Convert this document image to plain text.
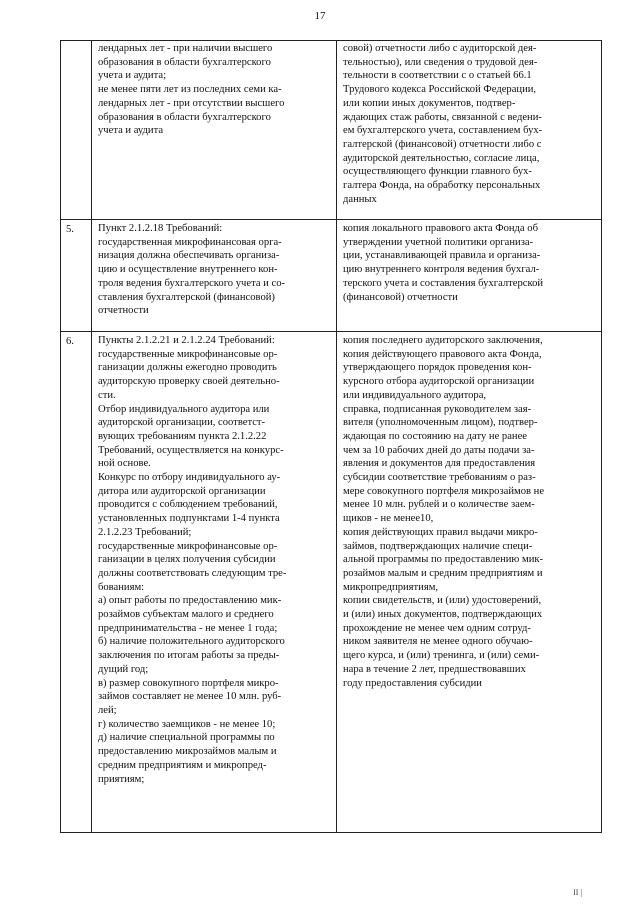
17
лендарных лет - при наличии высшего
образования в области бухгалтерского
учета и аудита;
не менее пяти лет из последних семи ка-
лендарных лет - при отсутствии высшего
образования в области бухгалтерского
учета и аудита
совой) отчетности либо с аудиторской дея-
тельностью), или сведения о трудовой дея-
тельности в соответствии с о статьей 66.1
Трудового кодекса Российской Федерации,
или копии иных документов, подтвер-
ждающих стаж работы, связанной с ведени-
ем бухгалтерского учета, составлением бух-
галтерской (финансовой) отчетности либо с
аудиторской деятельностью, согласие лица,
осуществляющего функции главного бух-
галтера Фонда, на обработку персональных
данных
5. Пункт 2.1.2.18 Требований:
государственная микрофинансовая орга-
низация должна обеспечивать организа-
цию и осуществление внутреннего кон-
троля ведения бухгалтерского учета и со-
ставления бухгалтерской (финансовой)
отчетности
копия локального правового акта Фонда об
утверждении учетной политики организа-
ции, устанавливающей правила и организа-
цию внутреннего контроля ведения бухгал-
терского учета и составления бухгалтерской
(финансовой) отчетности
6. Пункты 2.1.2.21 и 2.1.2.24 Требований:
государственные микрофинансовые ор-
ганизации должны ежегодно проводить
аудиторскую проверку своей деятельно-
сти.
Отбор индивидуального аудитора или
аудиторской организации, соответст-
вующих требованиям пункта 2.1.2.22
Требований, осуществляется на конкурс-
ной основе.
Конкурс по отбору индивидуального ау-
дитора или аудиторской организации
проводится с соблюдением требований,
установленных подпунктами 1-4 пункта
2.1.2.23 Требований;
государственные микрофинансовые ор-
ганизации в целях получения субсидии
должны соответствовать следующим тре-
бованиям:
а) опыт работы по предоставлению мик-
розаймов субъектам малого и среднего
предпринимательства - не менее 1 года;
б) наличие положительного аудиторского
заключения по итогам работы за преды-
дущий год;
в) размер совокупного портфеля микро-
займов составляет не менее 10 млн. руб-
лей;
г) количество заемщиков - не менее 10;
д) наличие специальной программы по
предоставлению микрозаймов малым и
средним предприятиям и микропред-
приятиям;
копия последнего аудиторского заключения,
копия действующего правового акта Фонда,
утверждающего порядок проведения кон-
курсного отбора аудиторской организации
или индивидуального аудитора,
справка, подписанная руководителем зая-
вителя (уполномоченным лицом), подтвер-
ждающая по состоянию на дату не ранее
чем за 10 рабочих дней до даты подачи за-
явления и документов для предоставления
субсидии соответствие требованиям о раз-
мере совокупного портфеля микрозаймов не
менее 10 млн. рублей и о количестве заем-
щиков - не менее10,
копия действующих правил выдачи микро-
займов, подтверждающих наличие специ-
альной программы по предоставлению мик-
розаймов малым и средним предприятиям и
микропредприятиям,
копии свидетельств, и (или) удостоверений,
и (или) иных документов, подтверждающих
прохождение не менее чем одним сотруд-
ником заявителя не менее одного обучаю-
щего курса, и (или) тренинга, и (или) семи-
нара в течение 2 лет, предшествовавших
году предоставления субсидии
II |
